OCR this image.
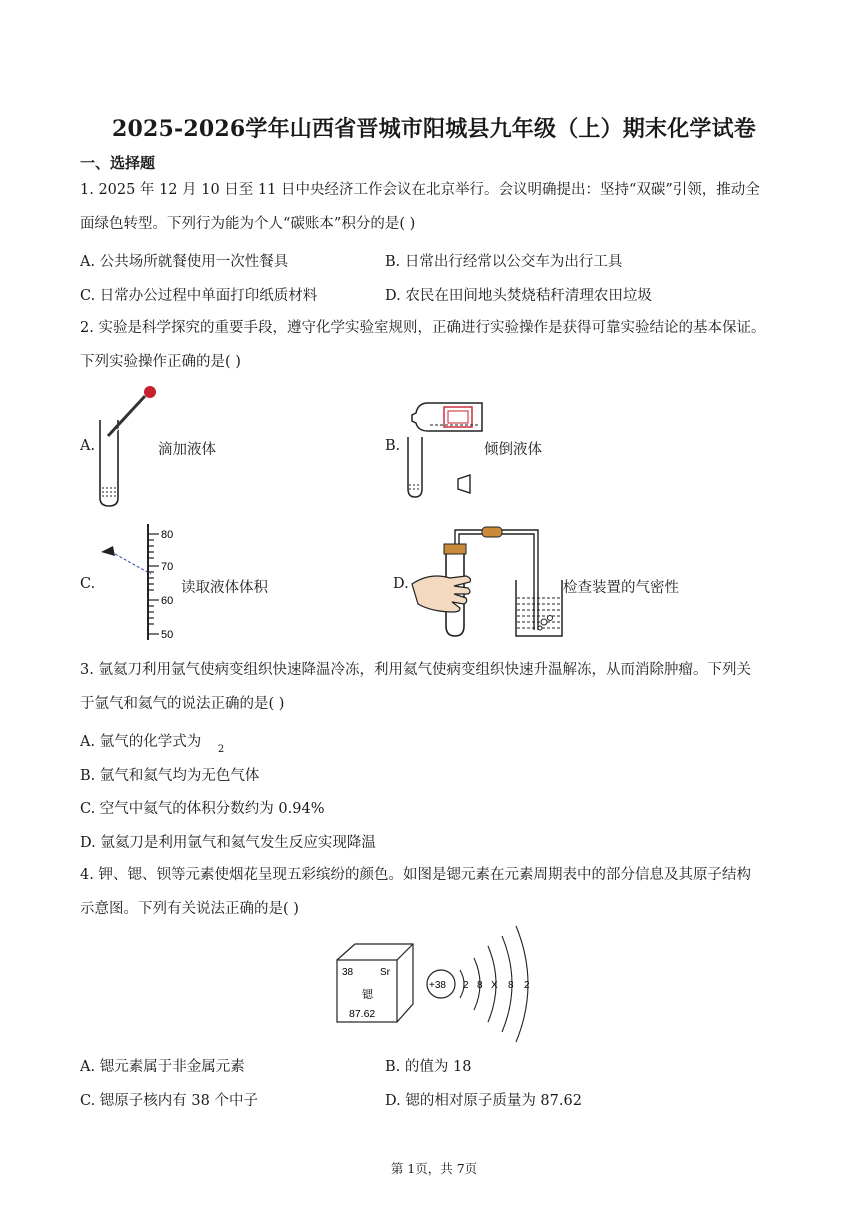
2025-2026学年山西省晋城市阳城县九年级（上）期末化学试卷
一、选择题
1. 2025 年 12 月 10 日至 11 日中央经济工作会议在北京举行。会议明确提出：坚持“双碳”引领，推动全
面绿色转型。下列行为能为个人“碳账本”积分的是( )
A. 公共场所就餐使用一次性餐具	B. 日常出行经常以公交车为出行工具
C. 日常办公过程中单面打印纸质材料	D. 农民在田间地头焚烧秸秆清理农田垃圾
2. 实验是科学探究的重要手段，遵守化学实验室规则，正确进行实验操作是获得可靠实验结论的基本保证。
下列实验操作正确的是( )
A.	滴加液体	B.	倾倒液体
C.
80
70
60
50
读取液体体积	D.	检查装置的气密性
3. 氩氦刀利用氩气使病变组织快速降温冷冻，利用氦气使病变组织快速升温解冻，从而消除肿瘤。下列关
于氩气和氦气的说法正确的是( )
A. 氩气的化学式为 $_2$
B. 氩气和氦气均为无色气体
C. 空气中氦气的体积分数约为 0.94%
D. 氩氦刀是利用氩气和氦气发生反应实现降温
4. 钾、锶、钡等元素使烟花呈现五彩缤纷的颜色。如图是锶元素在元素周期表中的部分信息及其原子结构
示意图。下列有关说法正确的是( )
38	Sr
锶
87.62
+38 2 8 X 8 2
A. 锶元素属于非金属元素	B. 的值为 18
C. 锶原子核内有 38 个中子	D. 锶的相对原子质量为 87.62
第 1页，共 7页
